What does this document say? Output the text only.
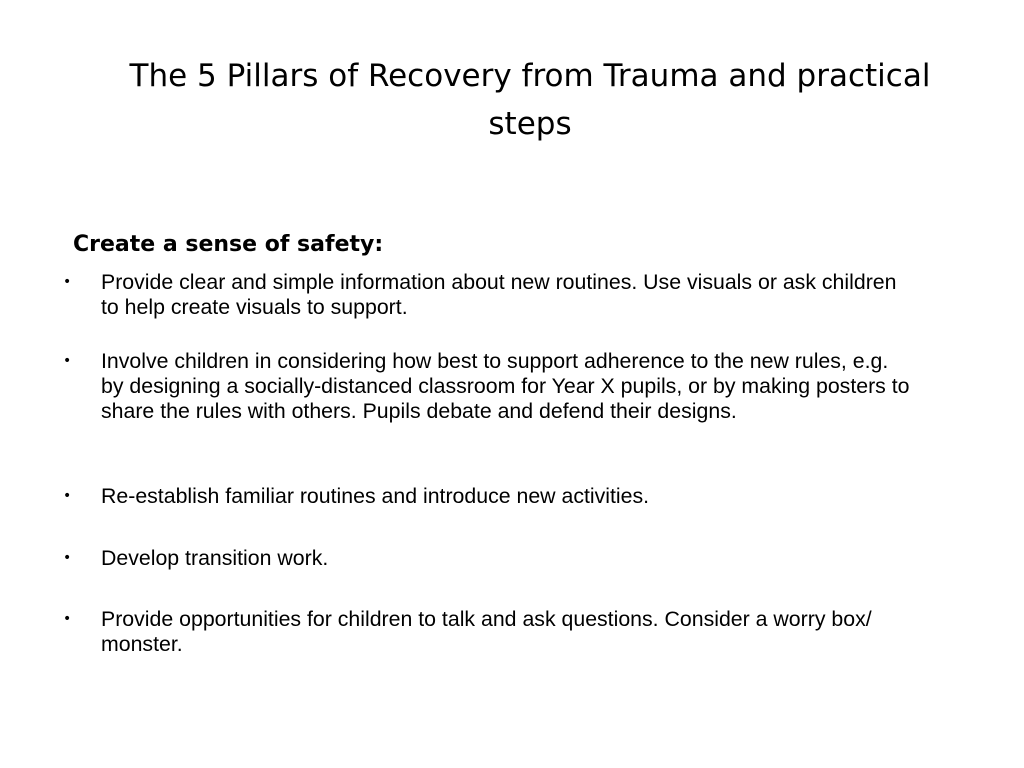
The 5 Pillars of Recovery from Trauma and practical steps
Create a sense of safety:
• Provide clear and simple information about new routines. Use visuals or ask children to help create visuals to support.
• Involve children in considering how best to support adherence to the new rules, e.g. by designing a socially-distanced classroom for Year X pupils, or by making posters to share the rules with others. Pupils debate and defend their designs.
• Re-establish familiar routines and introduce new activities.
• Develop transition work.
• Provide opportunities for children to talk and ask questions. Consider a worry box/ monster.
